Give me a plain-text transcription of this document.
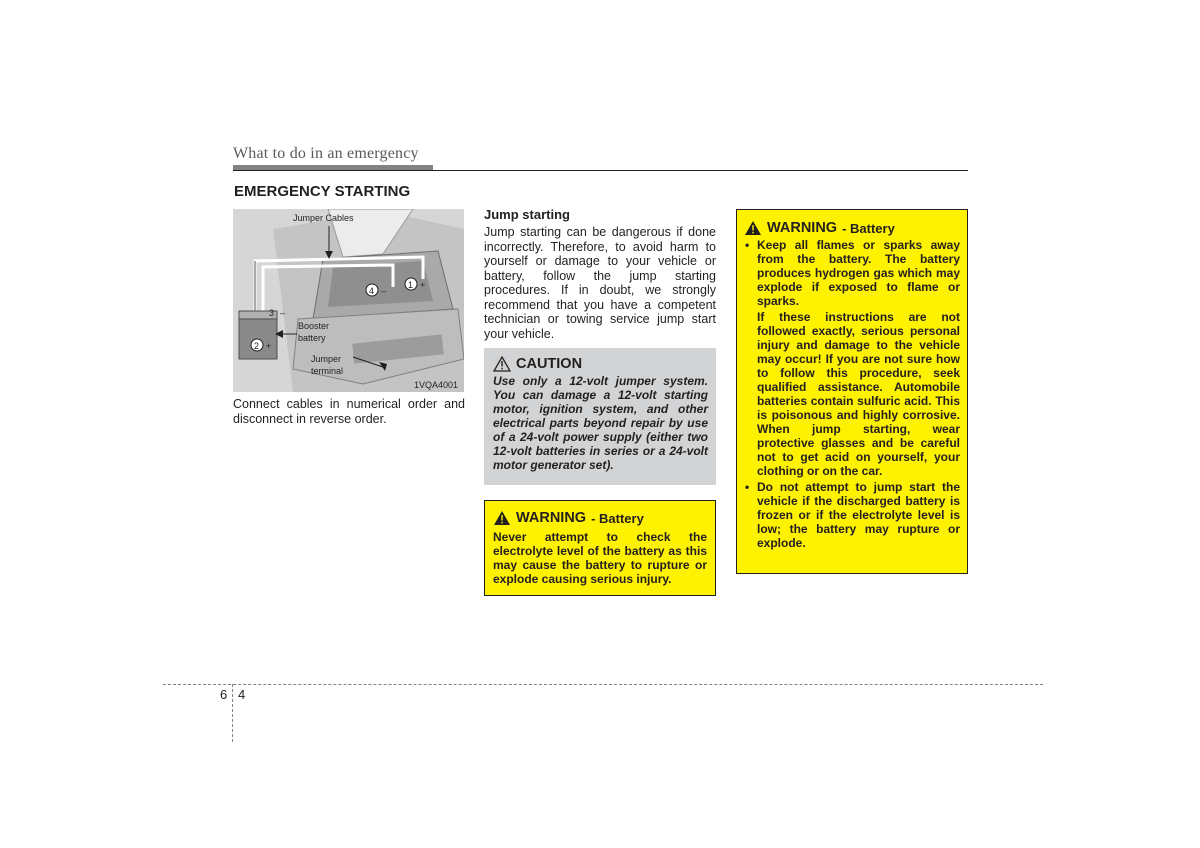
What to do in an emergency
EMERGENCY STARTING
Jumper Cables
Booster
battery
Jumper
terminal
1VQA4001
1 +
4 –
3 –
2 +
Connect cables in numerical order and disconnect in reverse order.
Jump starting
Jump starting can be dangerous if done incorrectly. Therefore, to avoid harm to yourself or damage to your vehicle or battery, follow the jump starting procedures. If in doubt, we strongly recommend that you have a competent technician or towing service jump start your vehicle.
CAUTION
Use only a 12-volt jumper system. You can damage a 12-volt starting motor, ignition system, and other electrical parts beyond repair by use of a 24-volt power supply (either two 12-volt batteries in series or a 24-volt motor generator set).
WARNING - Battery
Never attempt to check the electrolyte level of the battery as this may cause the battery to rupture or explode causing serious injury.
WARNING - Battery

• Keep all flames or sparks away from the battery. The battery produces hydrogen gas which may explode if exposed to flame or sparks.

If these instructions are not followed exactly, serious personal injury and damage to the vehicle may occur! If you are not sure how to follow this procedure, seek qualified assistance. Automobile batteries contain sulfuric acid. This is poisonous and highly corrosive. When jump starting, wear protective glasses and be careful not to get acid on yourself, your clothing or on the car.

• Do not attempt to jump start the vehicle if the discharged battery is frozen or if the electrolyte level is low; the battery may rupture or explode.

6 4
